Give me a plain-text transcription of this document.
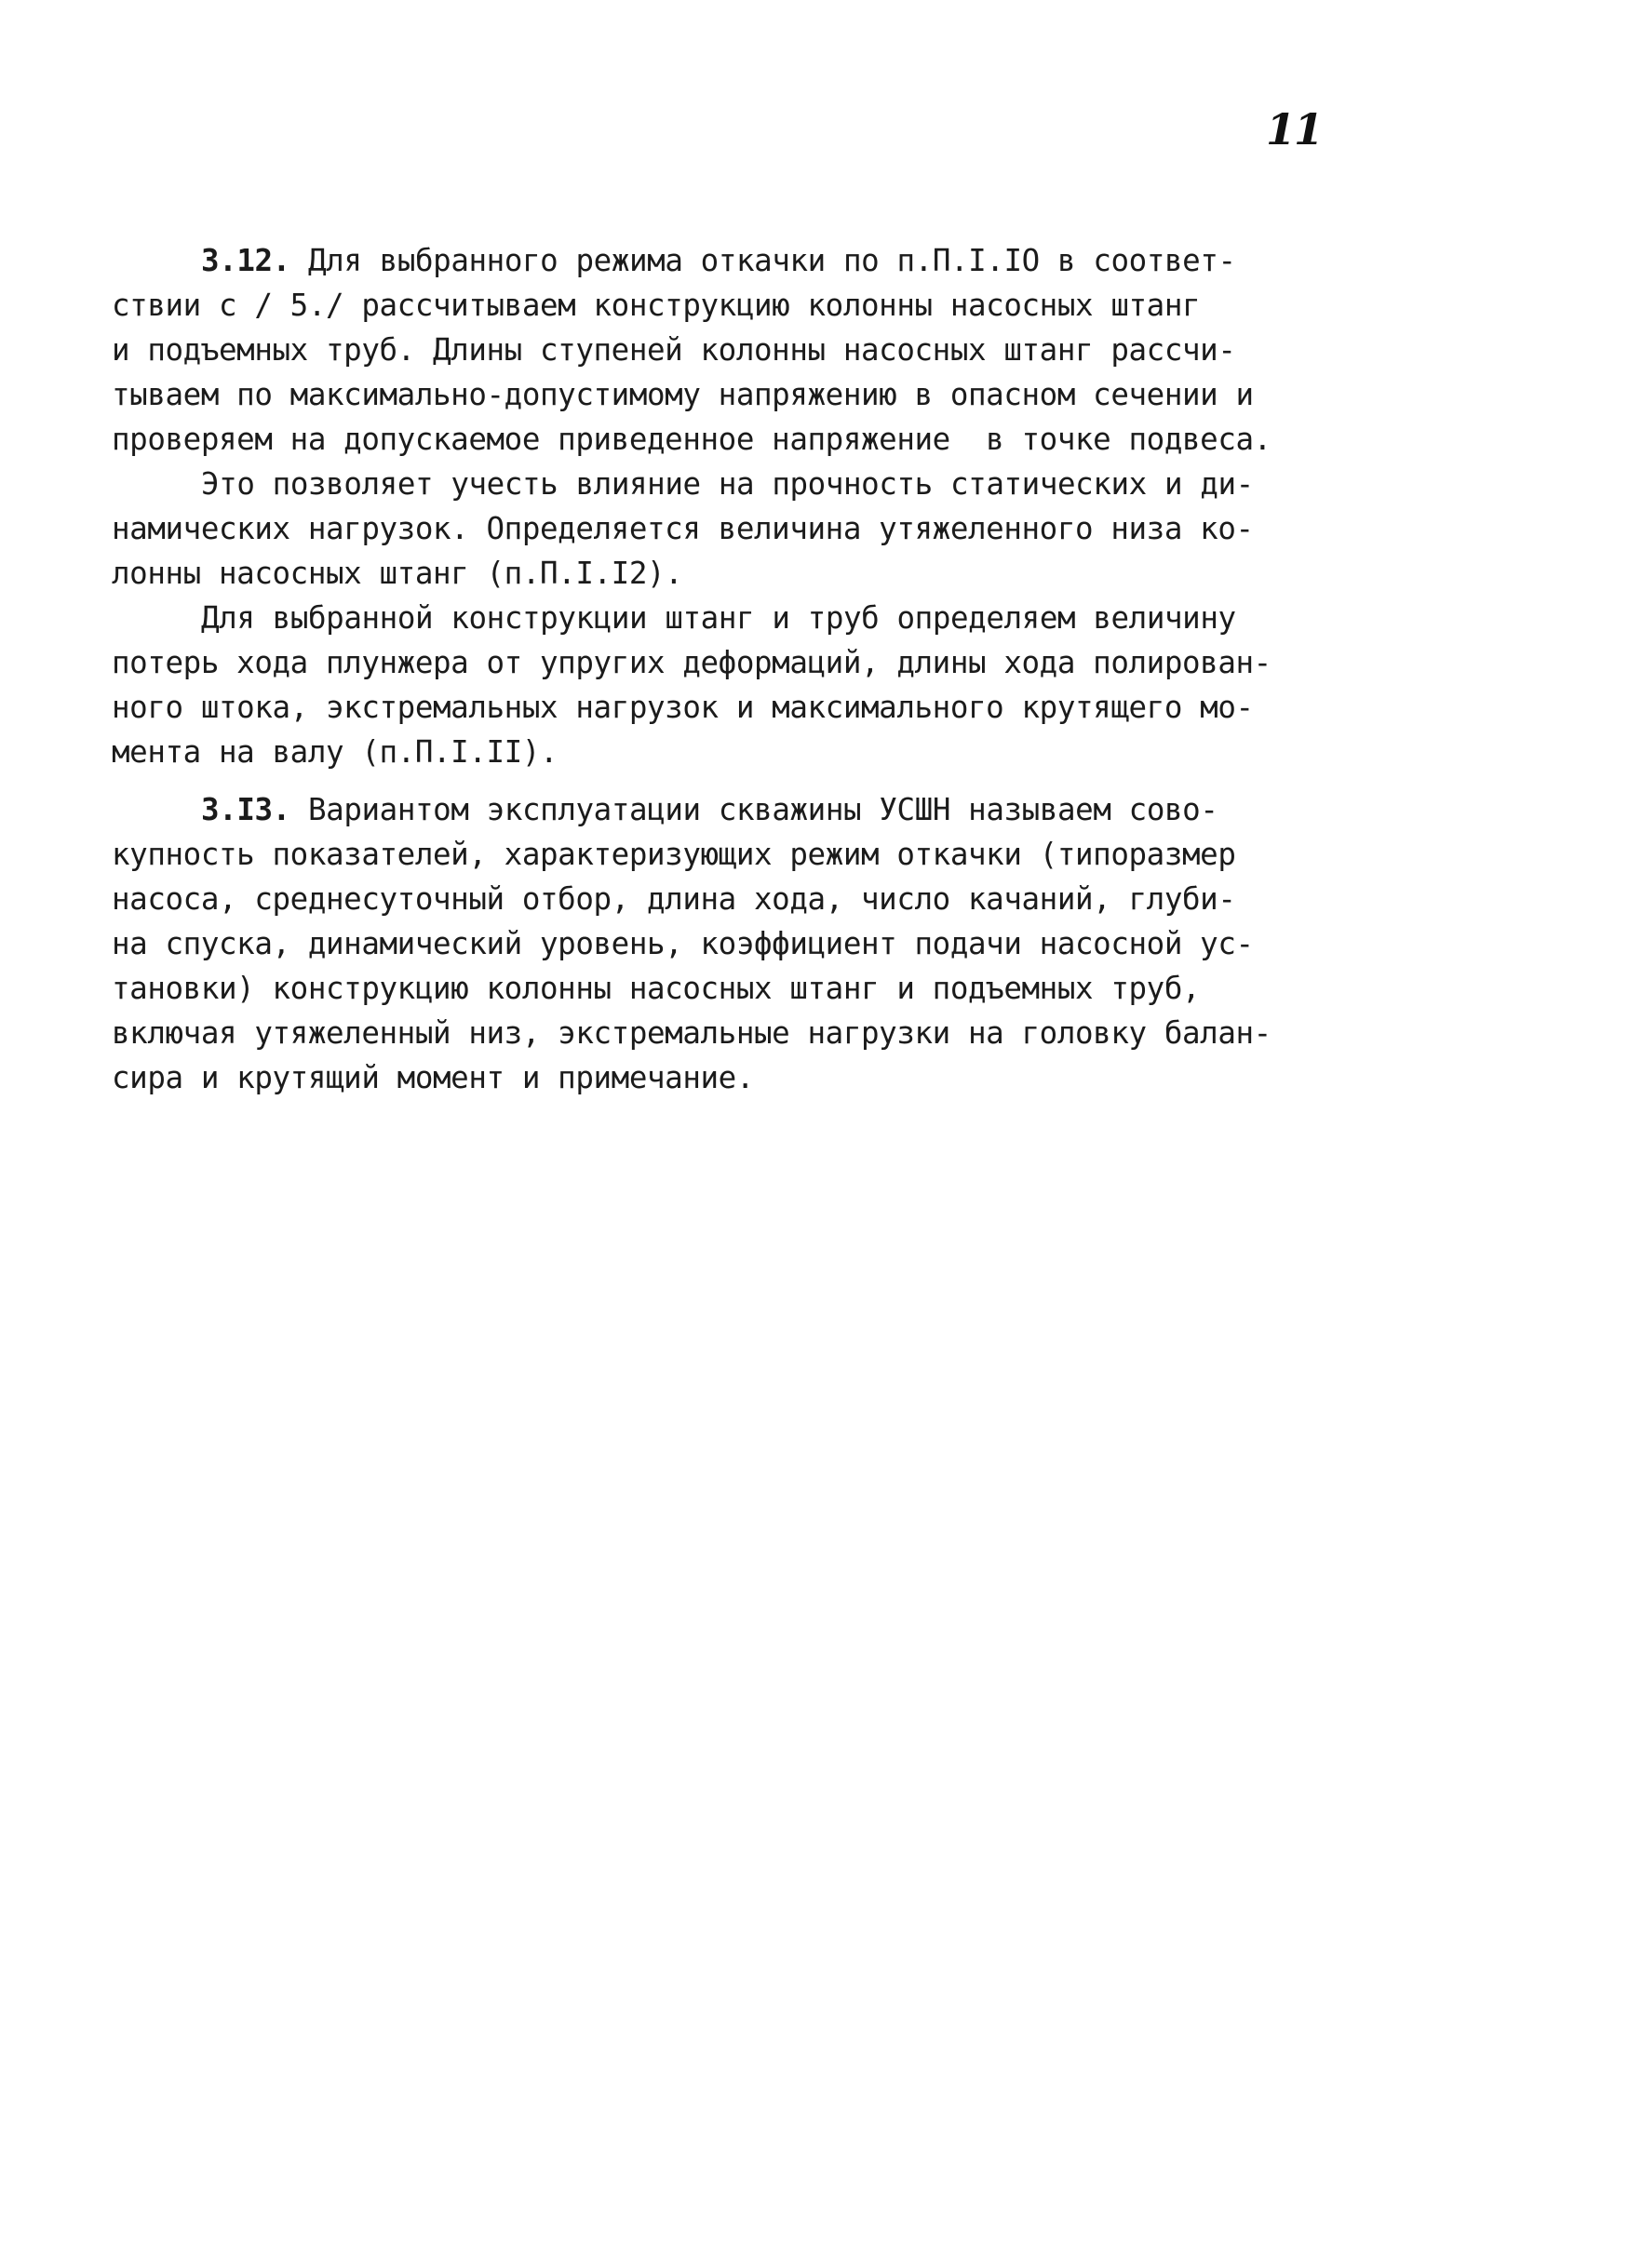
11
3.12. Для выбранного режима откачки по п.П.I.IO в соответ-
ствии с / 5./ рассчитываем конструкцию колонны насосных штанг
и подъемных труб. Длины ступеней колонны насосных штанг рассчи-
тываем по максимально-допустимому напряжению в опасном сечении и
проверяем на допускаемое приведенное напряжение  в точке подвеса.
Это позволяет учесть влияние на прочность статических и ди-
намических нагрузок. Определяется величина утяжеленного низа ко-
лонны насосных штанг (п.П.I.I2).
Для выбранной конструкции штанг и труб определяем величину
потерь хода плунжера от упругих деформаций, длины хода полирован-
ного штока, экстремальных нагрузок и максимального крутящего мо-
мента на валу (п.П.I.II).
3.I3. Вариантом эксплуатации скважины УСШН называем сово-
купность показателей, характеризующих режим откачки (типоразмер
насоса, среднесуточный отбор, длина хода, число качаний, глуби-
на спуска, динамический уровень, коэффициент подачи насосной ус-
тановки) конструкцию колонны насосных штанг и подъемных труб,
включая утяжеленный низ, экстремальные нагрузки на головку балан-
сира и крутящий момент и примечание.
